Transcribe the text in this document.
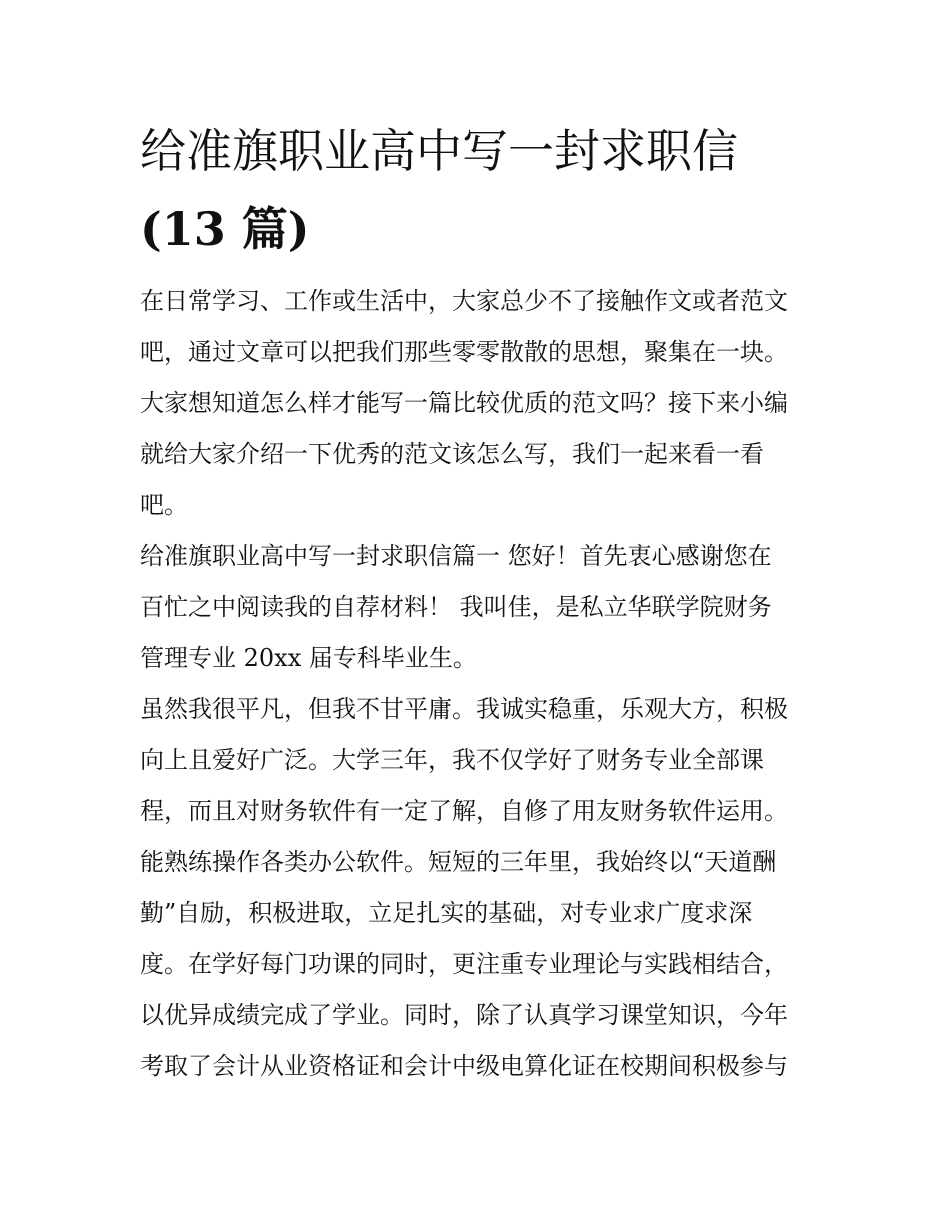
给准旗职业高中写一封求职信

(13 篇)

在日常学习、工作或生活中，大家总少不了接触作文或者范文

吧，通过文章可以把我们那些零零散散的思想，聚集在一块。

大家想知道怎么样才能写一篇比较优质的范文吗？接下来小编

就给大家介绍一下优秀的范文该怎么写，我们一起来看一看

吧。

给准旗职业高中写一封求职信篇一 您好！首先衷心感谢您在

百忙之中阅读我的自荐材料！ 我叫佳，是私立华联学院财务

管理专业 20xx 届专科毕业生。

虽然我很平凡，但我不甘平庸。我诚实稳重，乐观大方，积极

向上且爱好广泛。大学三年，我不仅学好了财务专业全部课

程，而且对财务软件有一定了解，自修了用友财务软件运用。

能熟练操作各类办公软件。短短的三年里，我始终以“天道酬

勤”自励，积极进取，立足扎实的基础，对专业求广度求深

度。在学好每门功课的同时，更注重专业理论与实践相结合，

以优异成绩完成了学业。同时，除了认真学习课堂知识，今年

考取了会计从业资格证和会计中级电算化证在校期间积极参与
